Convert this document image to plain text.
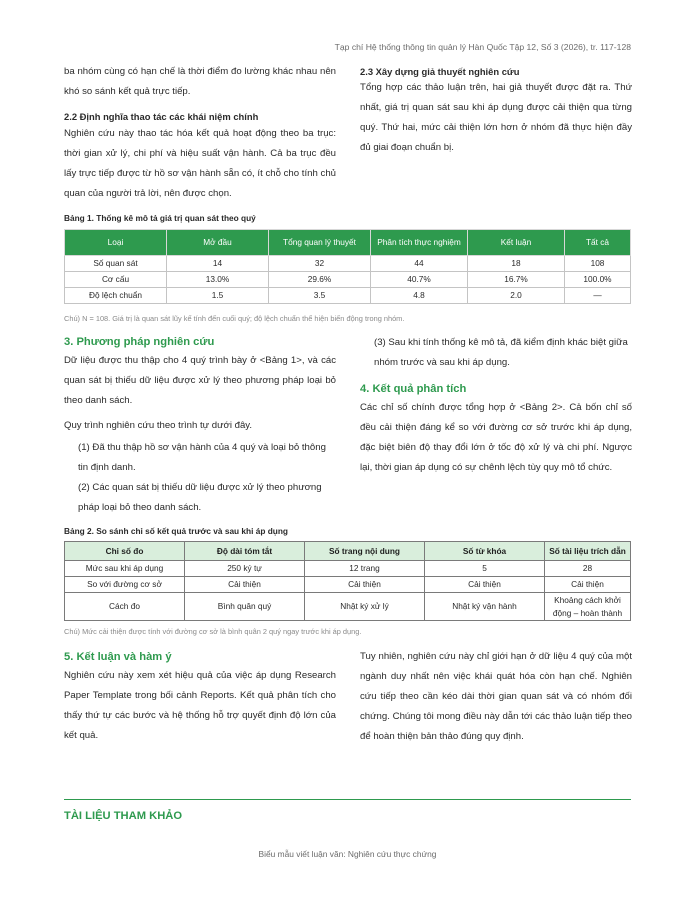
Tạp chí Hệ thống thông tin quản lý Hàn Quốc Tập 12, Số 3 (2026), tr. 117-128

ba nhóm cùng có hạn chế là thời điểm đo lường khác nhau nên khó so sánh kết quả trực tiếp.

2.2 Định nghĩa thao tác các khái niệm chính

Nghiên cứu này thao tác hóa kết quả hoạt động theo ba trục: thời gian xử lý, chi phí và hiệu suất vận hành. Cả ba trục đều lấy trực tiếp được từ hồ sơ vận hành sẵn có, ít chỗ cho tính chủ quan của người trả lời, nên được chọn.

2.3 Xây dựng giả thuyết nghiên cứu

Tổng hợp các thảo luận trên, hai giả thuyết được đặt ra. Thứ nhất, giá trị quan sát sau khi áp dụng được cải thiện qua từng quý. Thứ hai, mức cải thiện lớn hơn ở nhóm đã thực hiện đầy đủ giai đoạn chuẩn bị.

Bảng 1. Thống kê mô tả giá trị quan sát theo quý
Loại	Mở đầu	Tổng quan lý thuyết	Phân tích thực nghiệm	Kết luận	Tất cả
Số quan sát	14	32	44	18	108
Cơ cấu	13.0%	29.6%	40.7%	16.7%	100.0%
Độ lệch chuẩn	1.5	3.5	4.8	2.0	—
Chú) N = 108. Giá trị là quan sát lũy kế tính đến cuối quý; độ lệch chuẩn thể hiện biến động trong nhóm.

3. Phương pháp nghiên cứu

Dữ liệu được thu thập cho 4 quý trình bày ở <Bảng 1>, và các quan sát bị thiếu dữ liệu được xử lý theo phương pháp loại bỏ theo danh sách.

Quy trình nghiên cứu theo trình tự dưới đây.

(1) Đã thu thập hồ sơ vận hành của 4 quý và loại bỏ thông tin định danh.

(2) Các quan sát bị thiếu dữ liệu được xử lý theo phương pháp loại bỏ theo danh sách.

(3) Sau khi tính thống kê mô tả, đã kiểm định khác biệt giữa nhóm trước và sau khi áp dụng.

4. Kết quả phân tích

Các chỉ số chính được tổng hợp ở <Bảng 2>. Cả bốn chỉ số đều cải thiện đáng kể so với đường cơ sở trước khi áp dụng, đặc biệt biên độ thay đổi lớn ở tốc độ xử lý và chi phí. Ngược lại, thời gian áp dụng có sự chênh lệch tùy quy mô tổ chức.

Bảng 2. So sánh chỉ số kết quả trước và sau khi áp dụng
Chỉ số đo	Độ dài tóm tắt	Số trang nội dung	Số từ khóa	Số tài liệu trích dẫn
Mức sau khi áp dụng	250 ký tự	12 trang	5	28
So với đường cơ sở	Cải thiện	Cải thiện	Cải thiện	Cải thiện
Cách đo	Bình quân quý	Nhật ký xử lý	Nhật ký vận hành	Khoảng cách khởi động – hoàn thành
Chú) Mức cải thiện được tính với đường cơ sở là bình quân 2 quý ngay trước khi áp dụng.

5. Kết luận và hàm ý

Nghiên cứu này xem xét hiệu quả của việc áp dụng Research Paper Template trong bối cảnh Reports. Kết quả phân tích cho thấy thứ tự các bước và hệ thống hỗ trợ quyết định độ lớn của kết quả.

Tuy nhiên, nghiên cứu này chỉ giới hạn ở dữ liệu 4 quý của một ngành duy nhất nên việc khái quát hóa còn hạn chế. Nghiên cứu tiếp theo cần kéo dài thời gian quan sát và có nhóm đối chứng. Chúng tôi mong điều này dẫn tới các thảo luận tiếp theo để hoàn thiện bản thảo đúng quy định.

TÀI LIỆU THAM KHẢO
Biểu mẫu viết luận văn: Nghiên cứu thực chứng
